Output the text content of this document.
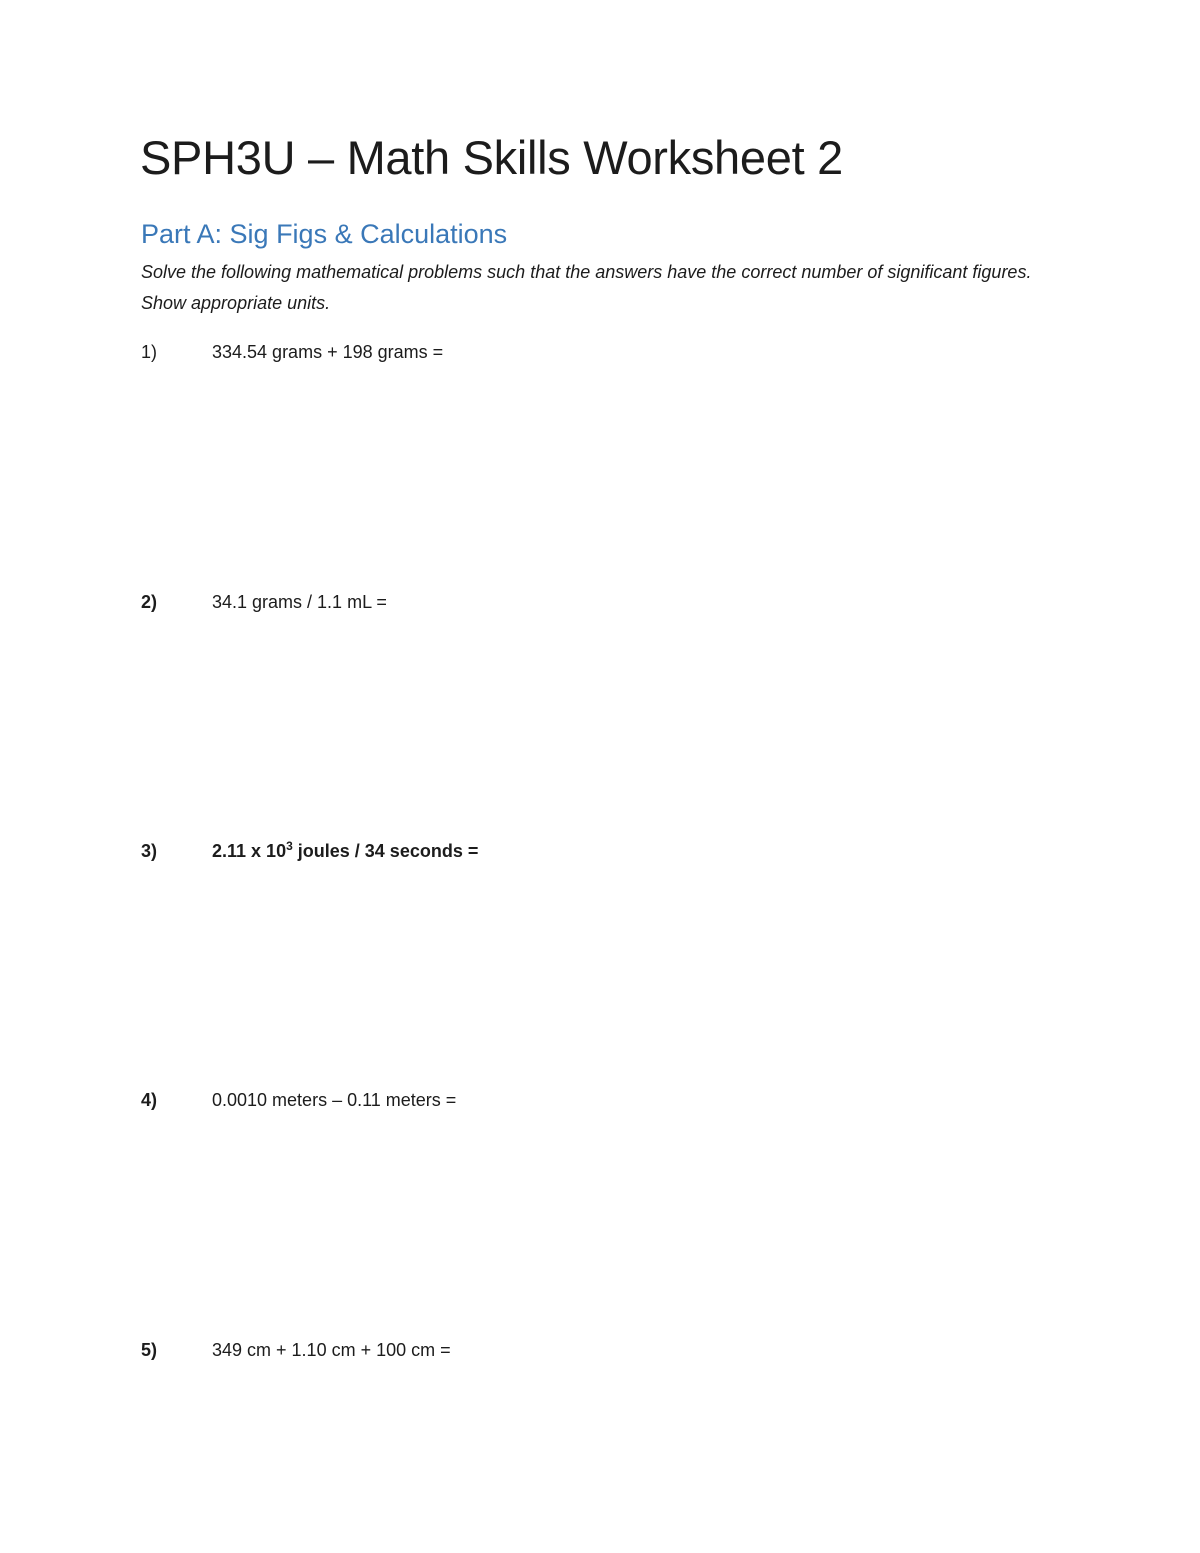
SPH3U – Math Skills Worksheet 2
Part A: Sig Figs & Calculations

Solve the following mathematical problems such that the answers have the correct number of significant figures. Show appropriate units.

1)	334.54 grams + 198 grams =
2)	34.1 grams / 1.1 mL =
3)	2.11 x $10^3$ joules / 34 seconds =
4)	0.0010 meters – 0.11 meters =
5)	349 cm + 1.10 cm + 100 cm =
